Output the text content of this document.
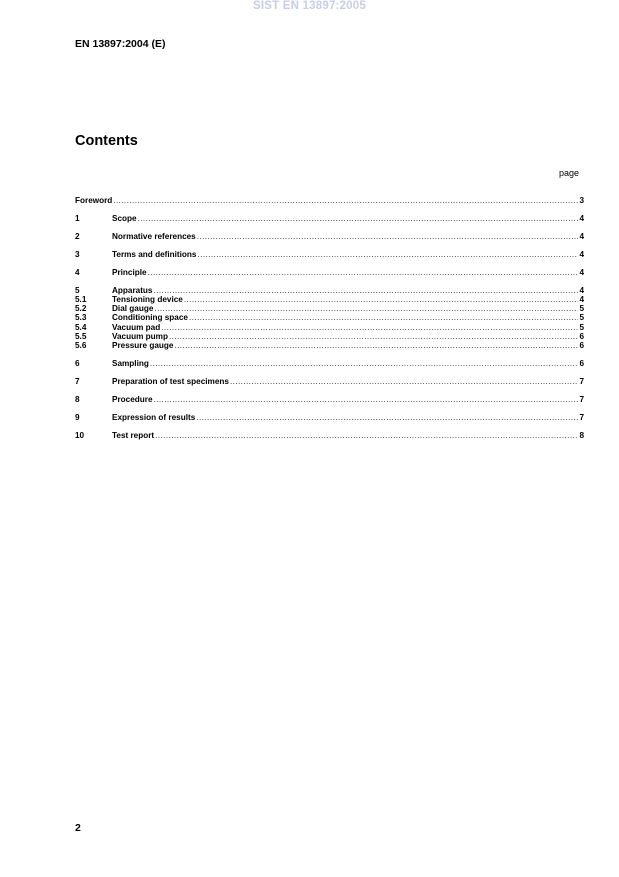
SIST EN 13897:2005
EN 13897:2004 (E)
Contents
page
Foreword .....	3
1	Scope .....	4
2	Normative references .....	4
3	Terms and definitions .....	4
4	Principle .....	4
5	Apparatus .....	4
5.1	Tensioning device .....	4
5.2	Dial gauge .....	5
5.3	Conditioning space .....	5
5.4	Vacuum pad .....	5
5.5	Vacuum pump .....	6
5.6	Pressure gauge .....	6
6	Sampling .....	6
7	Preparation of test specimens .....	7
8	Procedure .....	7
9	Expression of results .....	7
10	Test report .....	8
2
